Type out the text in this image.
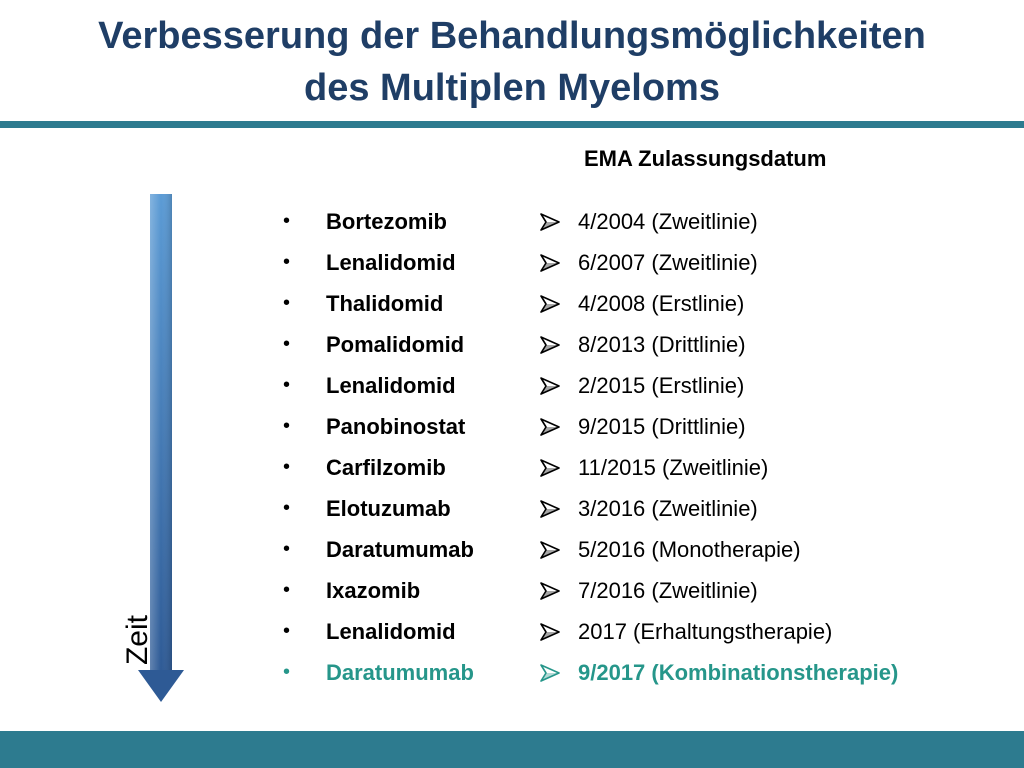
Verbesserung der Behandlungsmöglichkeiten
des Multiplen Myeloms

EMA Zulassungsdatum

Zeit
• Bortezomib	4/2004 (Zweitlinie)
• Lenalidomid	6/2007 (Zweitlinie)
• Thalidomid	4/2008 (Erstlinie)
• Pomalidomid	8/2013 (Drittlinie)
• Lenalidomid	2/2015 (Erstlinie)
• Panobinostat	9/2015 (Drittlinie)
• Carfilzomib	11/2015 (Zweitlinie)
• Elotuzumab	3/2016 (Zweitlinie)
• Daratumumab	5/2016 (Monotherapie)
• Ixazomib	7/2016 (Zweitlinie)
• Lenalidomid	2017 (Erhaltungstherapie)
• Daratumumab	9/2017 (Kombinationstherapie)
